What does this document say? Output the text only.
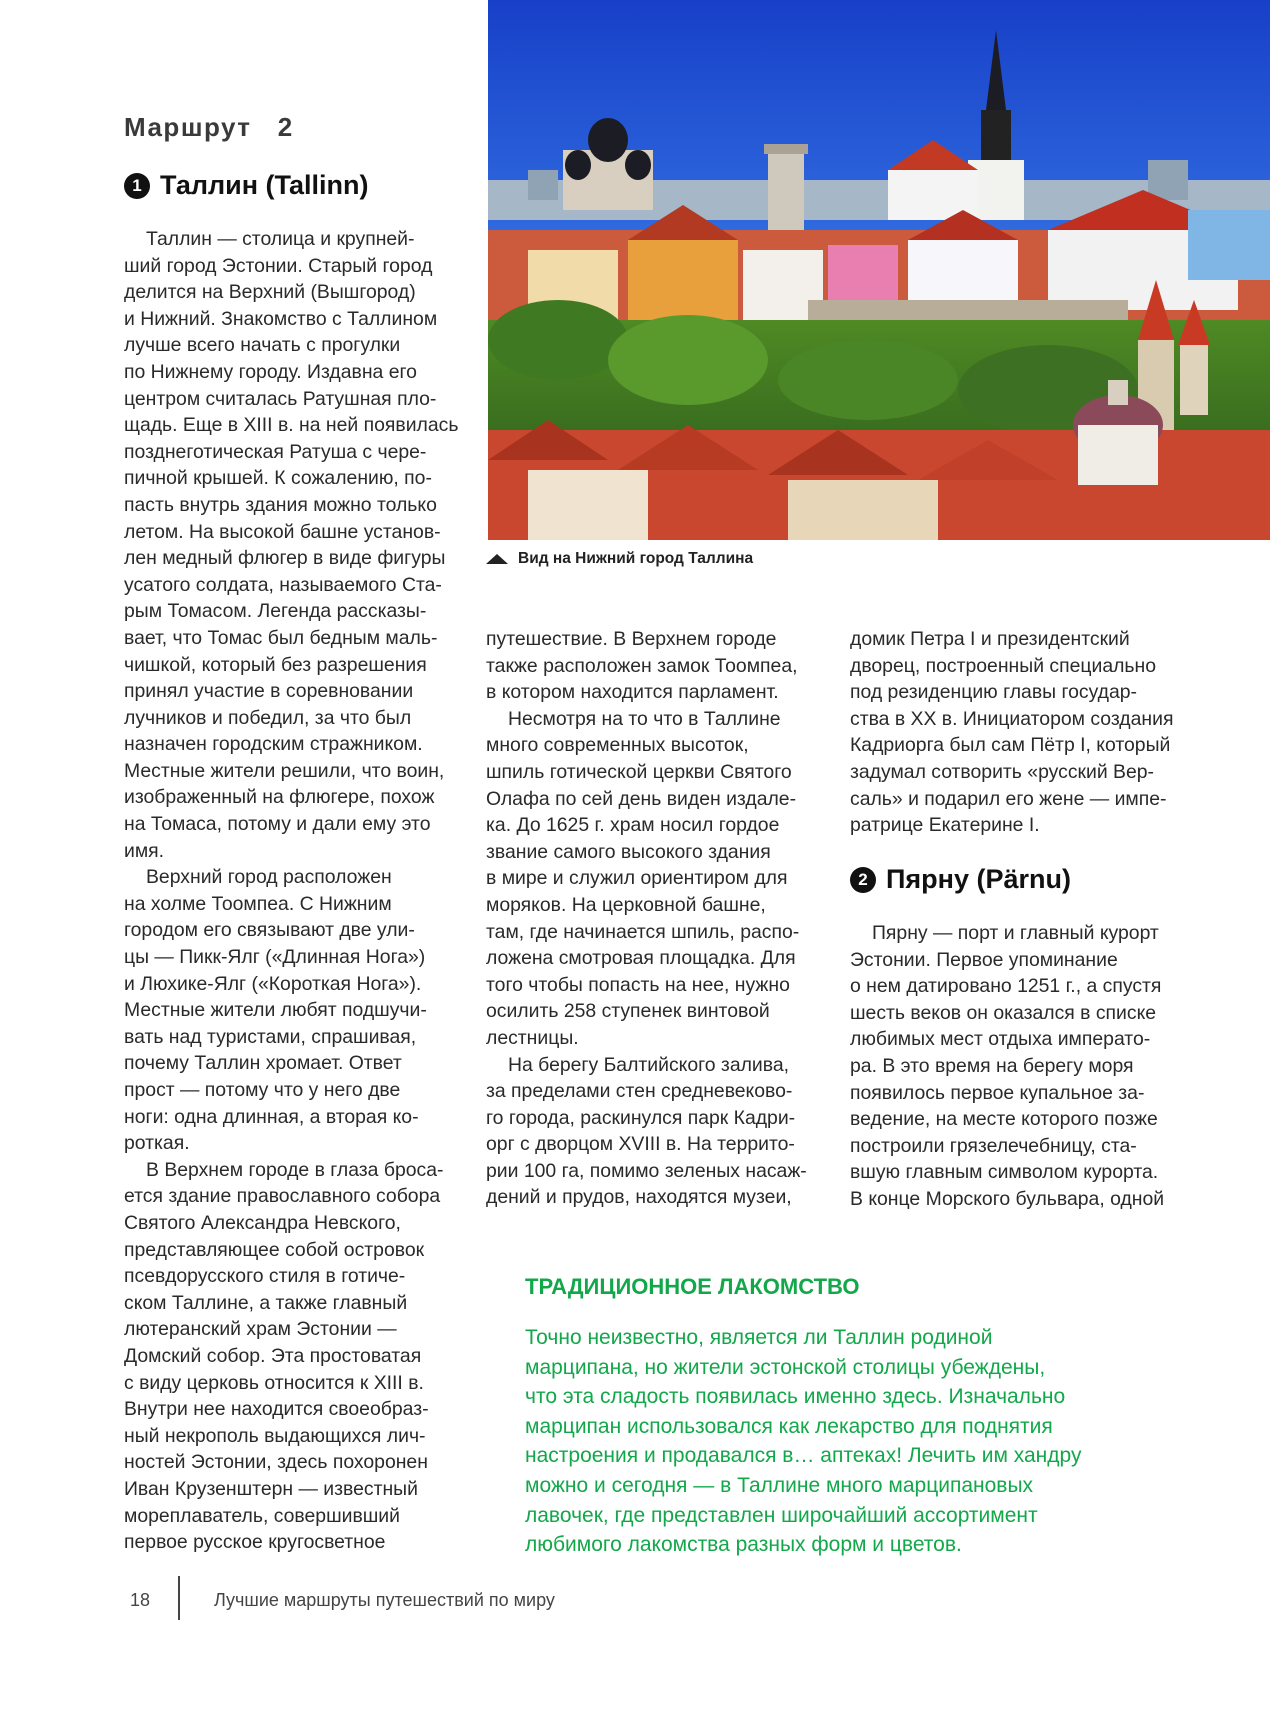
Маршрут   2
1 Таллин (Tallinn)

Таллин — столица и крупней-
ший город Эстонии. Старый город
делится на Верхний (Вышгород)
и Нижний. Знакомство с Таллином
лучше всего начать с прогулки
по Нижнему городу. Издавна его
центром считалась Ратушная пло-
щадь. Еще в XIII в. на ней появилась
позднеготическая Ратуша с чере-
пичной крышей. К сожалению, по-
пасть внутрь здания можно только
летом. На высокой башне установ-
лен медный флюгер в виде фигуры
усатого солдата, называемого Ста-
рым Томасом. Легенда рассказы-
вает, что Томас был бедным маль-
чишкой, который без разрешения
принял участие в соревновании
лучников и победил, за что был
назначен городским стражником.
Местные жители решили, что воин,
изображенный на флюгере, похож
на Томаса, потому и дали ему это
имя.

Верхний город расположен
на холме Тоомпеа. С Нижним
городом его связывают две ули-
цы — Пикк-Ялг («Длинная Нога»)
и Люхике-Ялг («Короткая Нога»).
Местные жители любят подшучи-
вать над туристами, спрашивая,
почему Таллин хромает. Ответ
прост — потому что у него две
ноги: одна длинная, а вторая ко-
роткая.

В Верхнем городе в глаза броса-
ется здание православного собора
Святого Александра Невского,
представляющее собой островок
псевдорусского стиля в готиче-
ском Таллине, а также главный
лютеранский храм Эстонии —
Домский собор. Эта простоватая
с виду церковь относится к XIII в.
Внутри нее находится своеобраз-
ный некрополь выдающихся лич-
ностей Эстонии, здесь похоронен
Иван Крузенштерн — известный
мореплаватель, совершивший
первое русское кругосветное

Вид на Нижний город Таллина

путешествие. В Верхнем городе
также расположен замок Тоомпеа,
в котором находится парламент.

Несмотря на то что в Таллине
много современных высоток,
шпиль готической церкви Святого
Олафа по сей день виден издале-
ка. До 1625 г. храм носил гордое
звание самого высокого здания
в мире и служил ориентиром для
моряков. На церковной башне,
там, где начинается шпиль, распо-
ложена смотровая площадка. Для
того чтобы попасть на нее, нужно
осилить 258 ступенек винтовой
лестницы.

На берегу Балтийского залива,
за пределами стен средневеково-
го города, раскинулся парк Кадри-
орг с дворцом XVIII в. На террито-
рии 100 га, помимо зеленых насаж-
дений и прудов, находятся музеи,

домик Петра I и президентский
дворец, построенный специально
под резиденцию главы государ-
ства в XX в. Инициатором создания
Кадриорга был сам Пётр I, который
задумал сотворить «русский Вер-
саль» и подарил его жене — импе-
ратрице Екатерине I.

2 Пярну (Pärnu)

Пярну — порт и главный курорт
Эстонии. Первое упоминание
о нем датировано 1251 г., а спустя
шесть веков он оказался в списке
любимых мест отдыха императо-
ра. В это время на берегу моря
появилось первое купальное за-
ведение, на месте которого позже
построили грязелечебницу, ста-
вшую главным символом курорта.
В конце Морского бульвара, одной

ТРАДИЦИОННОЕ ЛАКОМСТВО

Точно неизвестно, является ли Таллин родиной
марципана, но жители эстонской столицы убеждены,
что эта сладость появилась именно здесь. Изначально
марципан использовался как лекарство для поднятия
настроения и продавался в… аптеках! Лечить им хандру
можно и сегодня — в Таллине много марципановых
лавочек, где представлен широчайший ассортимент
любимого лакомства разных форм и цветов.

18	Лучшие маршруты путешествий по миру
